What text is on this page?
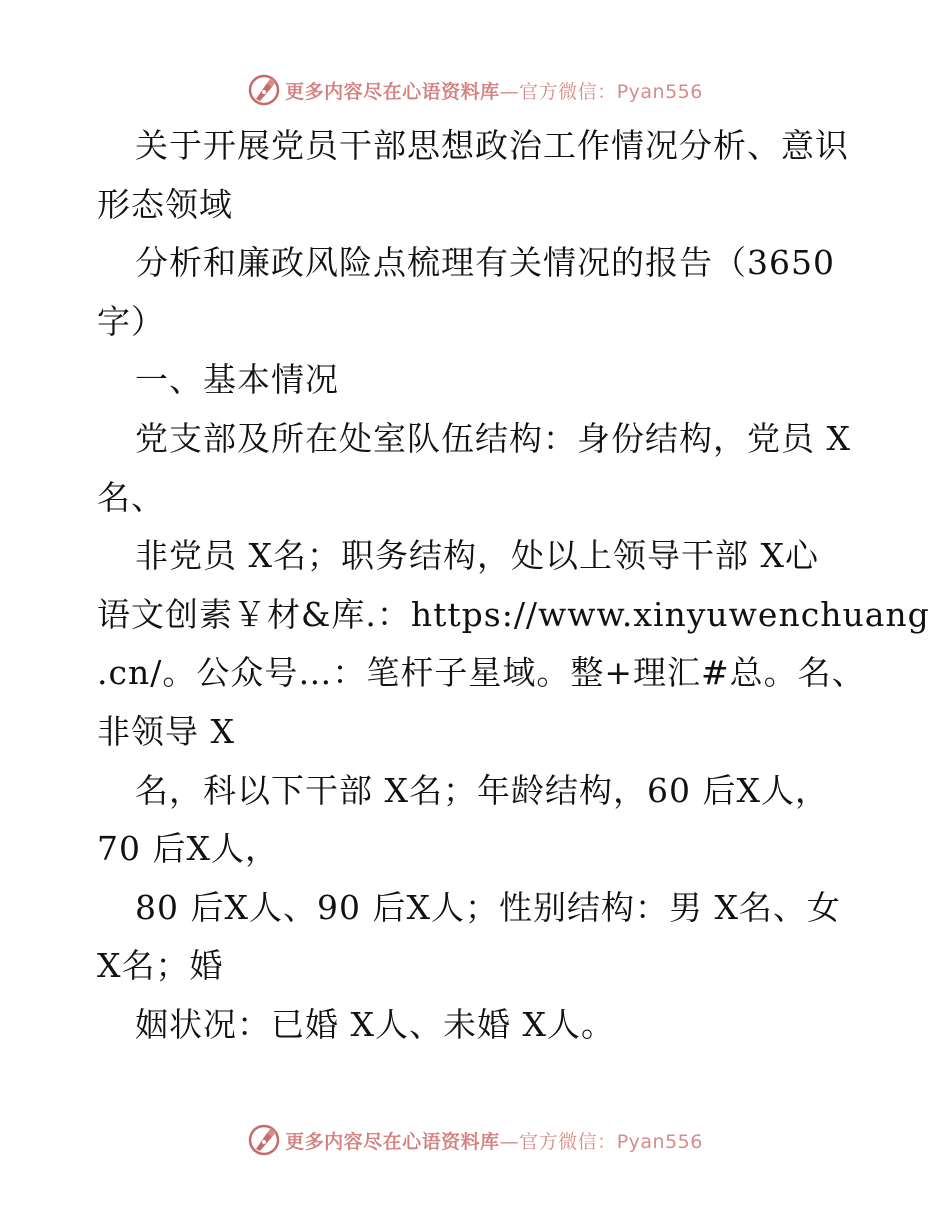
更多内容尽在心语资料库—官方微信：Pyan556
关于开展党员干部思想政治工作情况分析、意识
形态领域
分析和廉政风险点梳理有关情况的报告（3650
字）
一、基本情况
党支部及所在处室队伍结构：身份结构，党员 X
名、
非党员 X名；职务结构，处以上领导干部 X心
语文创素￥材&库.：https://www.xinyuwenchuang
.cn/。公众号…：笔杆子星域。整+理汇#总。名、
非领导 X
名，科以下干部 X名；年龄结构，60 后X人，
70 后X人，
80 后X人、90 后X人；性别结构：男 X名、女
X名；婚
姻状况：已婚 X人、未婚 X人。
更多内容尽在心语资料库—官方微信：Pyan556
